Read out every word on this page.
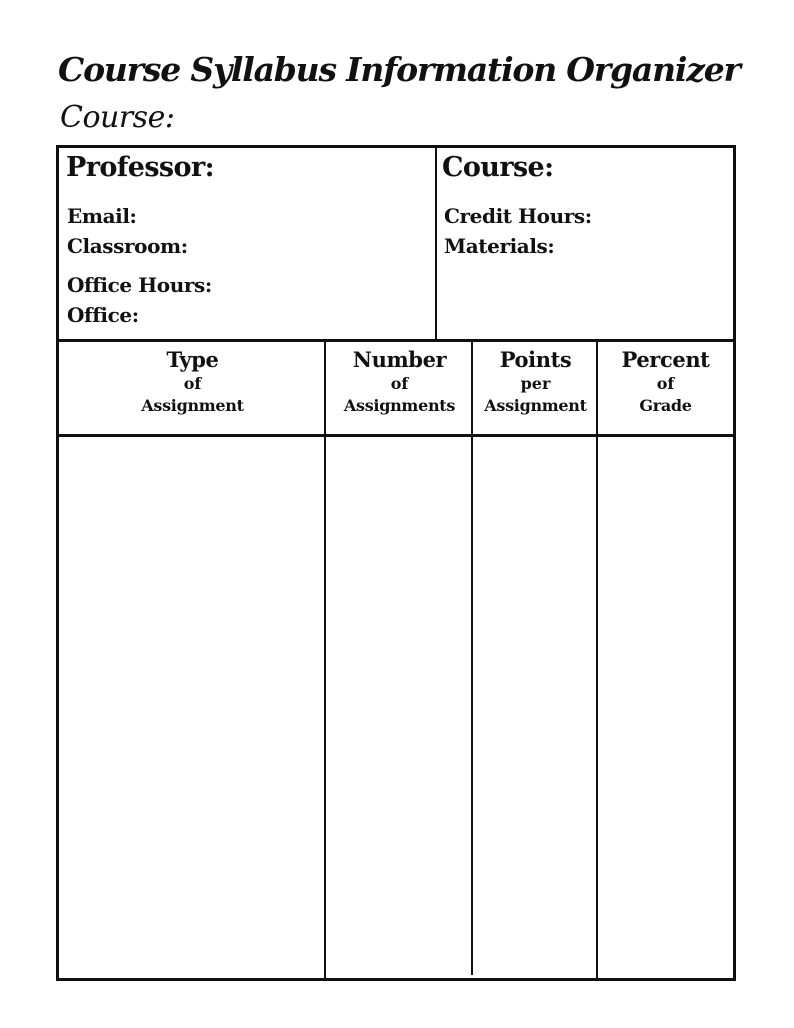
Course Syllabus Information Organizer
Course:
Professor:
Email:
Classroom:
Office Hours:
Office:
Course:
Credit Hours:
Materials:
Type
of
Assignment
Number
of
Assignments
Points
per
Assignment
Percent
of
Grade
